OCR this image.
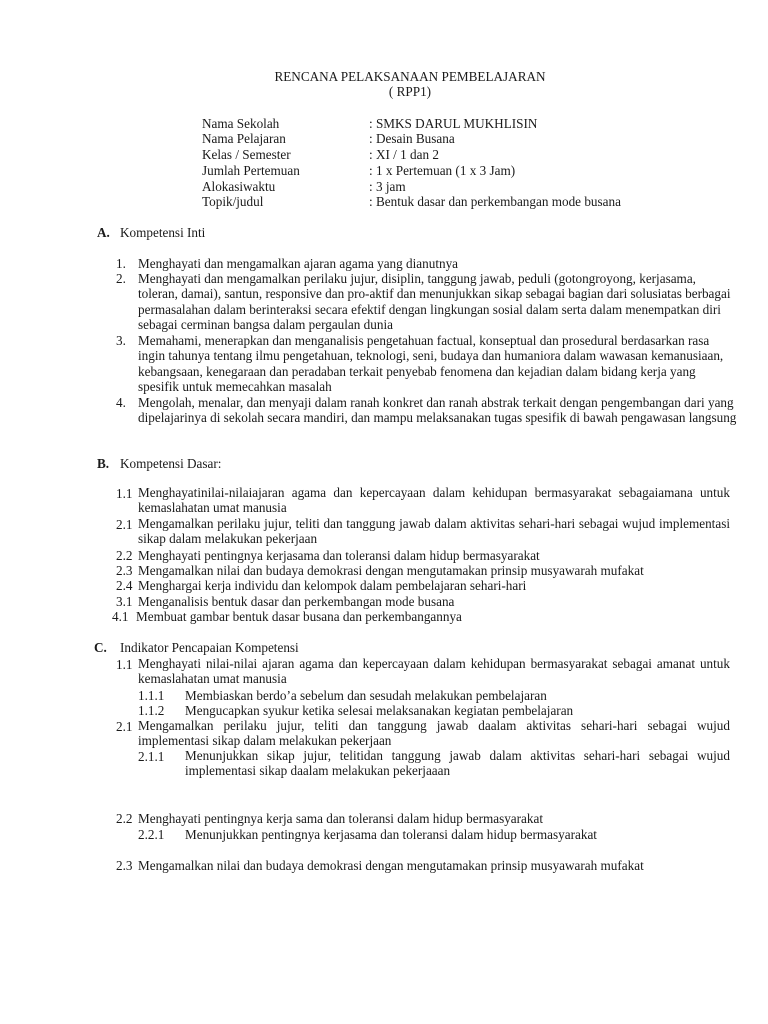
RENCANA PELAKSANAAN PEMBELAJARAN
( RPP1)
Nama Sekolah	: SMKS DARUL MUKHLISIN
Nama Pelajaran	: Desain Busana
Kelas / Semester	: XI / 1 dan 2
Jumlah Pertemuan	: 1 x Pertemuan (1 x 3 Jam)
Alokasiwaktu	: 3 jam
Topik/judul	: Bentuk dasar dan perkembangan mode busana
A. Kompetensi Inti
1. Menghayati dan mengamalkan ajaran agama yang dianutnya
2. Menghayati dan mengamalkan perilaku jujur, disiplin, tanggung jawab, peduli (gotongroyong, kerjasama, toleran, damai), santun, responsive dan pro-aktif dan menunjukkan sikap sebagai bagian dari solusiatas berbagai permasalahan dalam berinteraksi secara efektif dengan lingkungan sosial dalam serta dalam menempatkan diri sebagai cerminan bangsa dalam pergaulan dunia
3. Memahami, menerapkan dan menganalisis pengetahuan factual, konseptual dan prosedural berdasarkan rasa ingin tahunya tentang ilmu pengetahuan, teknologi, seni, budaya dan humaniora dalam wawasan kemanusiaan, kebangsaan, kenegaraan dan peradaban terkait penyebab fenomena dan kejadian dalam bidang kerja yang spesifik untuk memecahkan masalah
4. Mengolah, menalar, dan menyaji dalam ranah konkret dan ranah abstrak terkait dengan pengembangan dari yang dipelajarinya di sekolah secara mandiri, dan mampu melaksanakan tugas spesifik di bawah pengawasan langsung
B. Kompetensi Dasar:
1.1 Menghayatinilai-nilaiajaran agama dan kepercayaan dalam kehidupan bermasyarakat sebagaiamana untuk kemaslahatan umat manusia
2.1 Mengamalkan perilaku jujur, teliti dan tanggung jawab dalam aktivitas sehari-hari sebagai wujud implementasi sikap dalam melakukan pekerjaan
2.2 Menghayati pentingnya kerjasama dan toleransi dalam hidup bermasyarakat
2.3 Mengamalkan nilai dan budaya demokrasi dengan mengutamakan prinsip musyawarah mufakat
2.4 Menghargai kerja individu dan kelompok dalam pembelajaran sehari-hari
3.1 Menganalisis bentuk dasar dan perkembangan mode busana
4.1 Membuat gambar bentuk dasar busana dan perkembangannya
C. Indikator Pencapaian Kompetensi
1.1 Menghayati nilai-nilai ajaran agama dan kepercayaan dalam kehidupan bermasyarakat sebagai amanat untuk kemaslahatan umat manusia
1.1.1 Membiaskan berdo’a sebelum dan sesudah melakukan pembelajaran
1.1.2 Mengucapkan syukur ketika selesai melaksanakan kegiatan pembelajaran
2.1 Mengamalkan perilaku jujur, teliti dan tanggung jawab daalam aktivitas sehari-hari sebagai wujud implementasi sikap dalam melakukan pekerjaan
2.1.1 Menunjukkan sikap jujur, telitidan tanggung jawab dalam aktivitas sehari-hari sebagai wujud implementasi sikap daalam melakukan pekerjaaan
2.2 Menghayati pentingnya kerja sama dan toleransi dalam hidup bermasyarakat
2.2.1 Menunjukkan pentingnya kerjasama dan toleransi dalam hidup bermasyarakat
2.3 Mengamalkan nilai dan budaya demokrasi dengan mengutamakan prinsip musyawarah mufakat
